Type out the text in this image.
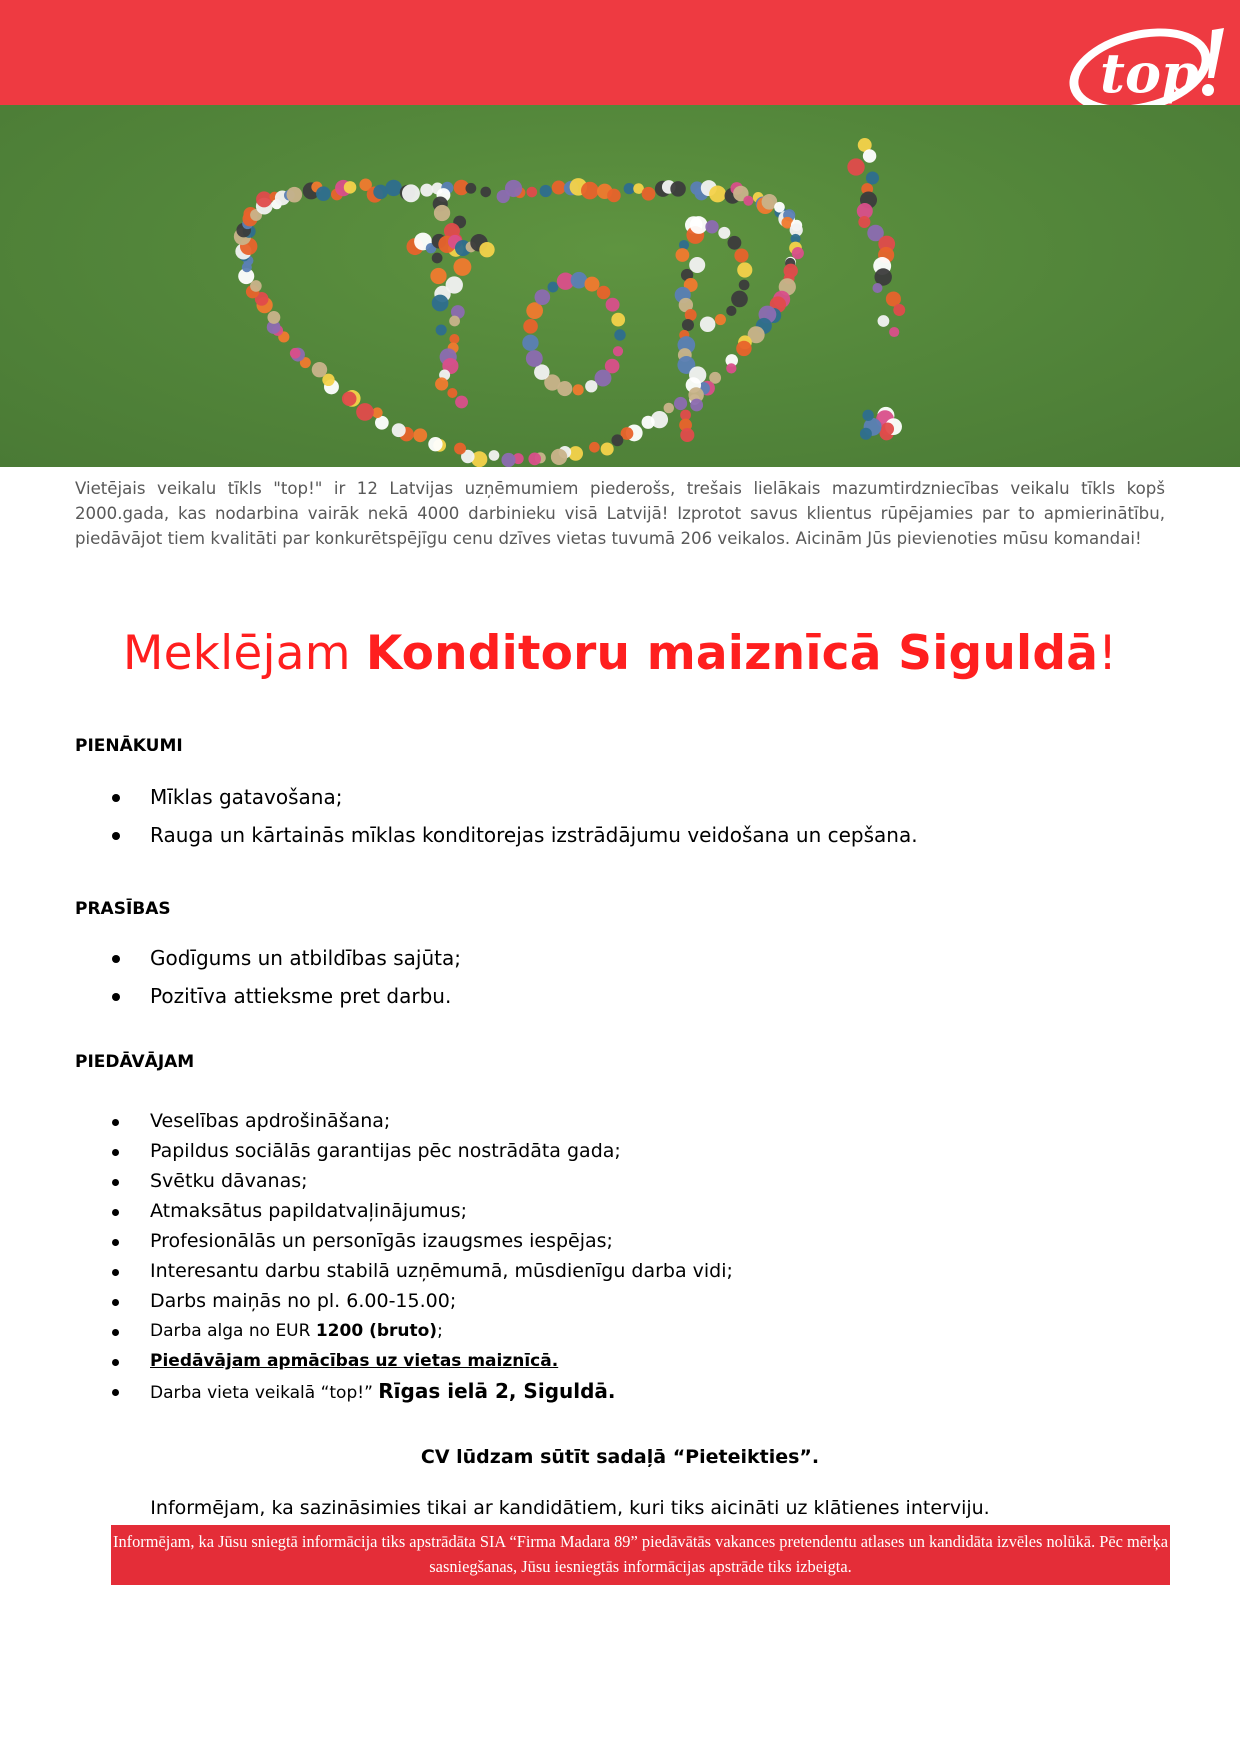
top
Vietējais veikalu tīkls "top!" ir 12 Latvijas uzņēmumiem piederošs, trešais lielākais mazumtirdzniecības veikalu tīkls kopš 2000.gada, kas nodarbina vairāk nekā 4000 darbinieku visā Latvijā! Izprotot savus klientus rūpējamies par to apmierinātību, piedāvājot tiem kvalitāti par konkurētspējīgu cenu dzīves vietas tuvumā 206 veikalos. Aicinām Jūs pievienoties mūsu komandai!
Meklējam Konditoru maiznīcā Siguldā!
PIENĀKUMI
Mīklas gatavošana;
Rauga un kārtainās mīklas konditorejas izstrādājumu veidošana un cepšana.
PRASĪBAS
Godīgums un atbildības sajūta;
Pozitīva attieksme pret darbu.
PIEDĀVĀJAM
Veselības apdrošināšana;
Papildus sociālās garantijas pēc nostrādāta gada;
Svētku dāvanas;
Atmaksātus papildatvaļinājumus;
Profesionālās un personīgās izaugsmes iespējas;
Interesantu darbu stabilā uzņēmumā, mūsdienīgu darba vidi;
Darbs maiņās no pl. 6.00-15.00;
Darba alga no EUR 1200 (bruto);
Piedāvājam apmācības uz vietas maiznīcā.
Darba vieta veikalā “top!” Rīgas ielā 2, Siguldā.
CV lūdzam sūtīt sadaļā “Pieteikties”.
Informējam, ka sazināsimies tikai ar kandidātiem, kuri tiks aicināti uz klātienes interviju.
Informējam, ka Jūsu sniegtā informācija tiks apstrādāta SIA “Firma Madara 89” piedāvātās vakances pretendentu atlases un kandidāta izvēles nolūkā. Pēc mērķa sasniegšanas, Jūsu iesniegtās informācijas apstrāde tiks izbeigta.
